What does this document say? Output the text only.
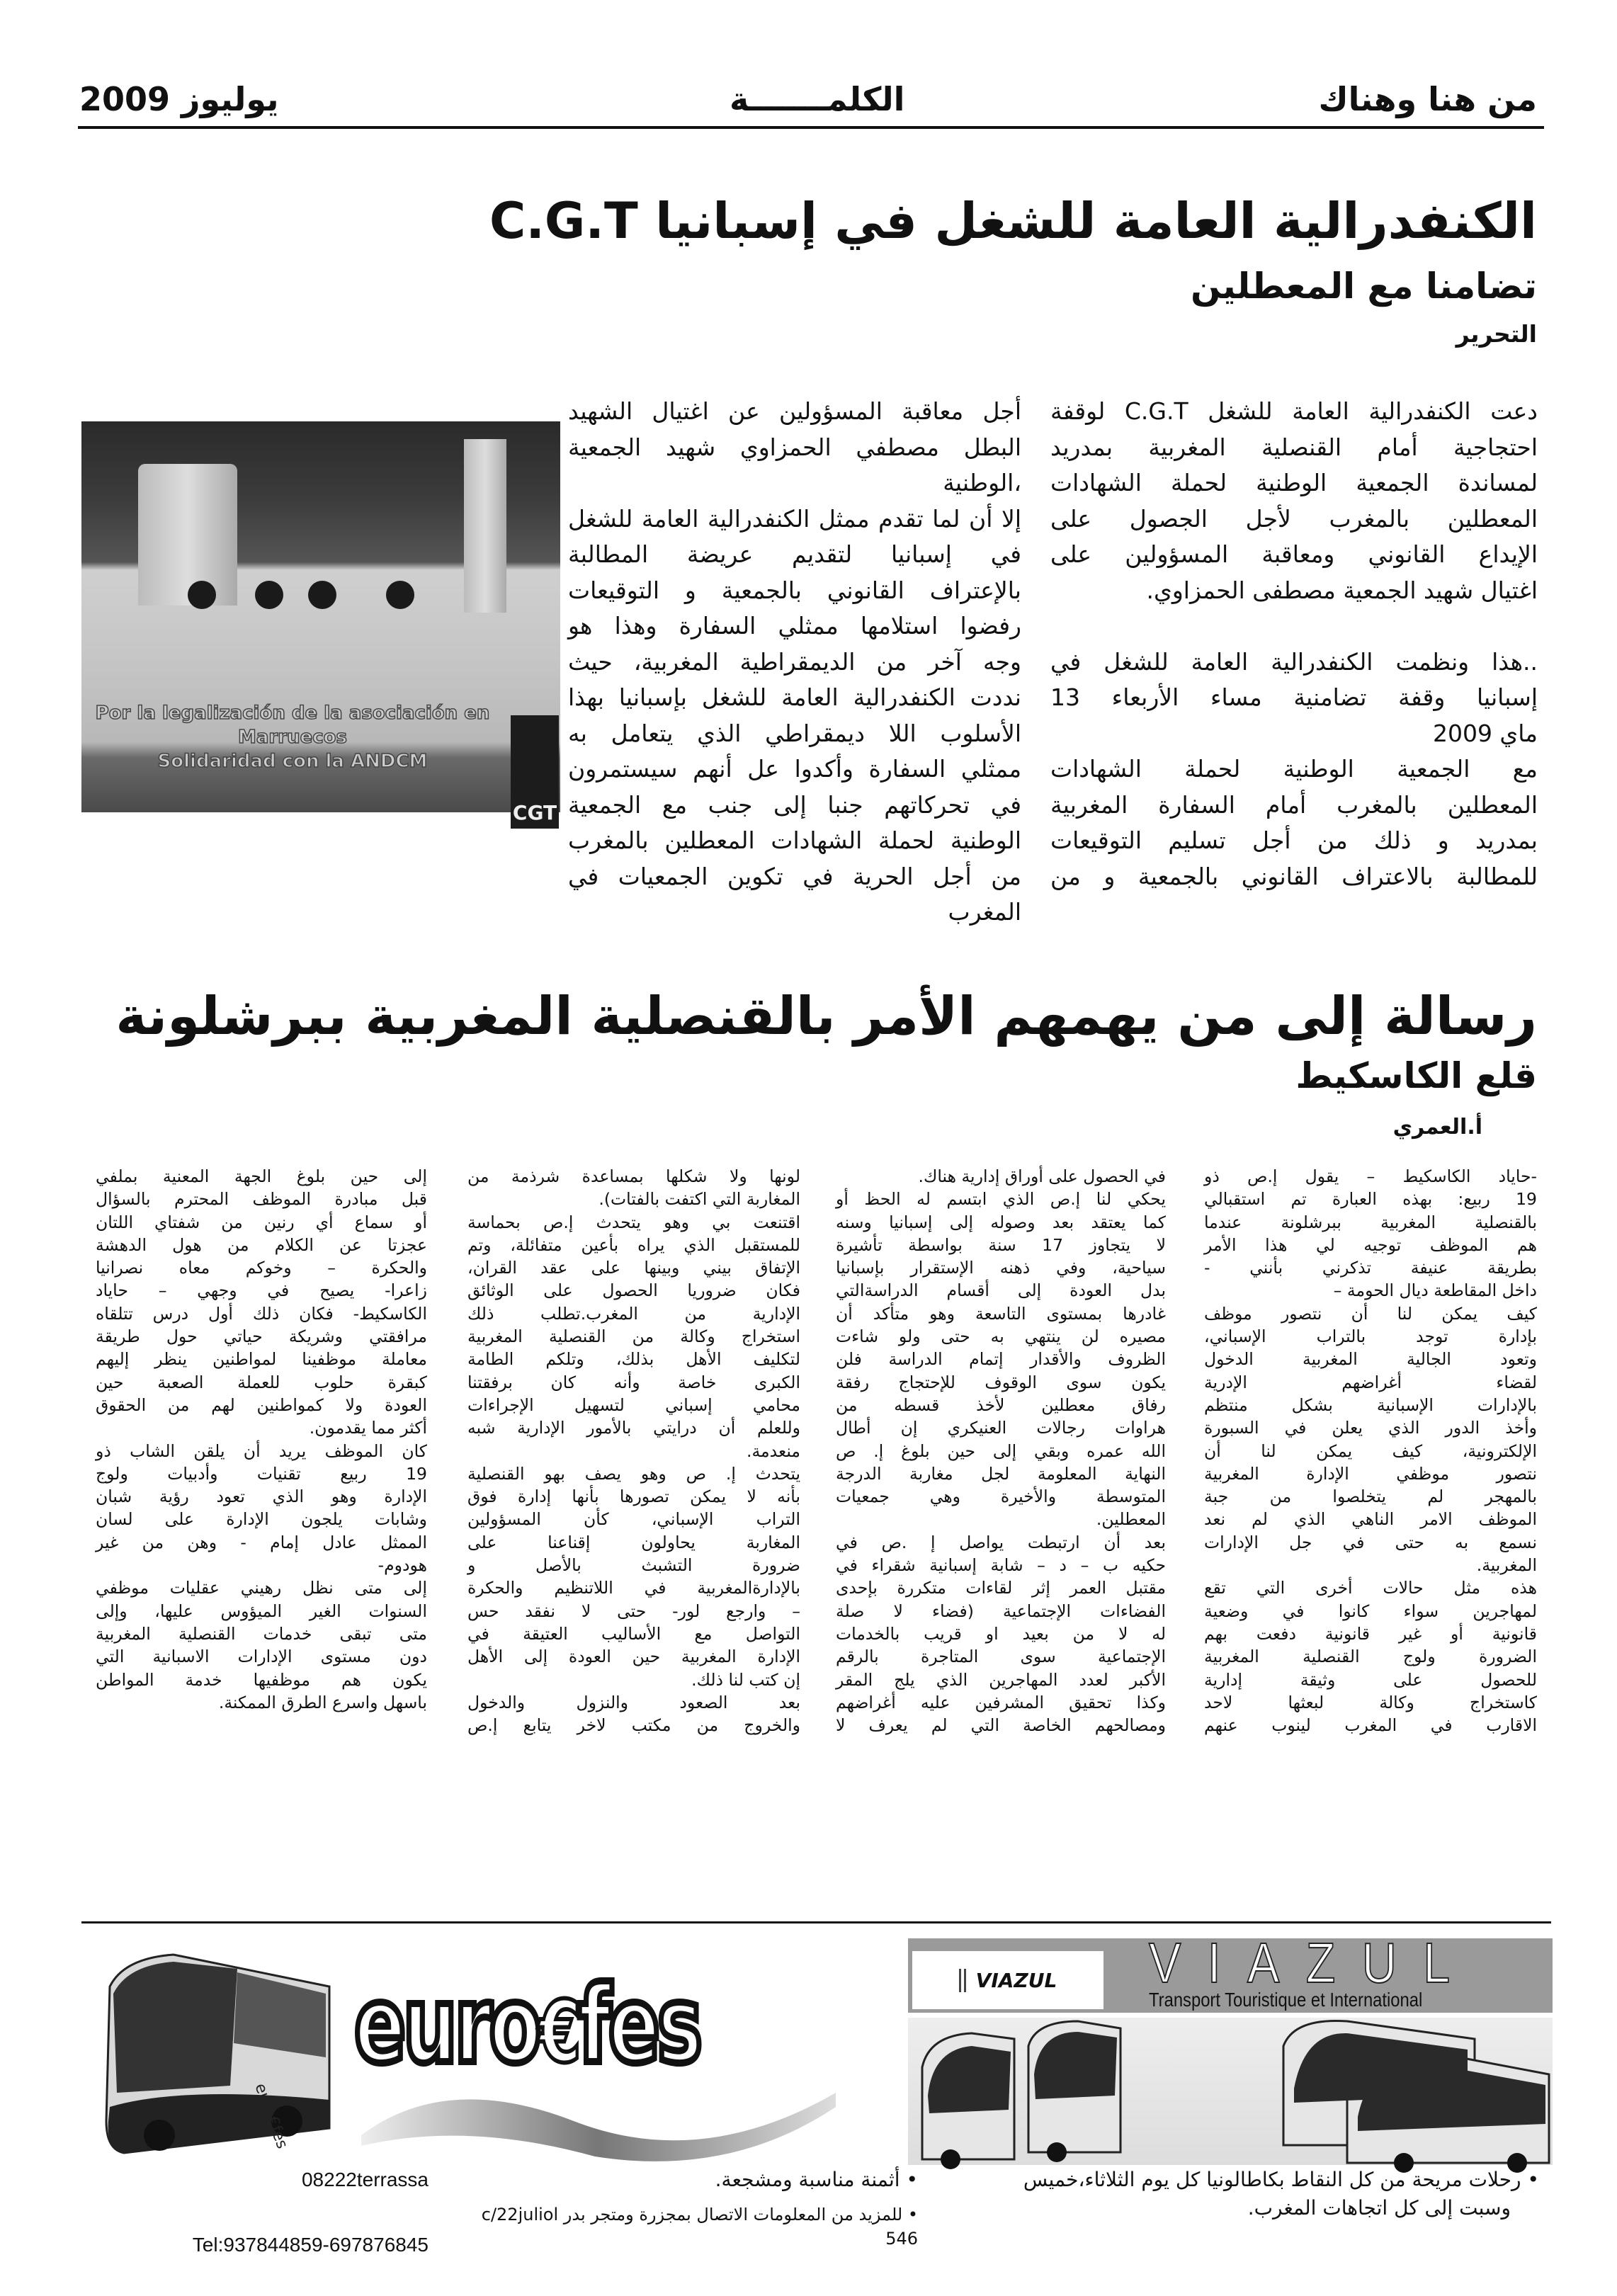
من هنا وهناك
الكلمـــــــة
يوليوز 2009
الكنفدرالية العامة للشغل في إسبانيا C.G.T
تضامنا مع المعطلين
التحرير
دعت الكنفدرالية العامة للشغل C.G.T لوقفة
احتجاجية أمام القنصلية المغربية بمدريد
لمساندة الجمعية الوطنية لحملة الشهادات
المعطلين بالمغرب لأجل الجصول على
الإيداع القانوني ومعاقبة المسؤولين على
اغتيال شهيد الجمعية مصطفى الحمزاوي.

..هذا ونظمت الكنفدرالية العامة للشغل في
إسبانيا وقفة تضامنية مساء الأربعاء 13
ماي 2009
مع الجمعية الوطنية لحملة الشهادات
المعطلين بالمغرب أمام السفارة المغربية
بمدريد و ذلك من أجل تسليم التوقيعات
للمطالبة بالاعتراف القانوني بالجمعية و من
أجل معاقبة المسؤولين عن اغتيال الشهيد
البطل مصطفي الحمزاوي شهيد الجمعية
،الوطنية
إلا أن لما تقدم ممثل الكنفدرالية العامة للشغل
في إسبانيا لتقديم عريضة المطالبة
بالإعتراف القانوني بالجمعية و التوقيعات
رفضوا استلامها ممثلي السفارة وهذا هو
وجه آخر من الديمقراطية المغربية، حيث
نددت الكنفدرالية العامة للشغل بإسبانيا بهذا
الأسلوب اللا ديمقراطي الذي يتعامل به
ممثلي السفارة وأكدوا عل أنهم سيستمرون
في تحركاتهم جنبا إلى جنب مع الجمعية
الوطنية لحملة الشهادات المعطلين بالمغرب
من أجل الحرية في تكوين الجمعيات في
المغرب
Por la legalización de la asociación en Marruecos
Solidaridad con la ANDCM
CGT
رسالة إلى من يهمهم الأمر بالقنصلية المغربية ببرشلونة
قلع الكاسكيط
أ.العمري
-حاياد الكاسكيط – يقول إ.ص ذو
19 ربيع: بهذه العبارة تم استقبالي
بالقنصلية المغربية ببرشلونة عندما
هم الموظف توجيه لي هذا الأمر
بطريقة عنيفة تذكرني بأنني -
داخل المقاطعة ديال الحومة –
كيف يمكن لنا أن نتصور موظف
بإدارة توجد بالتراب الإسباني،
وتعود الجالية المغربية الدخول
لقضاء أغراضهم الإدرية
بالإدارات الإسبانية بشكل منتظم
وأخذ الدور الذي يعلن في السبورة
الإلكترونية، كيف يمكن لنا أن
نتصور موظفي الإدارة المغربية
بالمهجر لم يتخلصوا من جبة
الموظف الامر الناهي الذي لم نعد
نسمع به حتى في جل الإدارات
المغربية.
هذه مثل حالات أخرى التي تقع
لمهاجرين سواء كانوا في وضعية
قانونية أو غير قانونية دفعت بهم
الضرورة ولوج القنصلية المغربية
للحصول على وثيقة إدارية
كاستخراج وكالة لبعثها لاحد
الاقارب في المغرب لينوب عنهم
في الحصول على أوراق إدارية هناك.
يحكي لنا إ.ص الذي ابتسم له الحظ أو
كما يعتقد بعد وصوله إلى إسبانيا وسنه
لا يتجاوز 17 سنة بواسطة تأشيرة
سياحية، وفي ذهنه الإستقرار بإسبانيا
بدل العودة إلى أقسام الدراسةالتي
غادرها بمستوى التاسعة وهو متأكد أن
مصيره لن ينتهي به حتى ولو شاءت
الظروف والأقدار إتمام الدراسة فلن
يكون سوى الوقوف للإحتجاج رفقة
رفاق معطلين لأخذ قسطه من
هراوات رجالات العنيكري إن أطال
الله عمره وبقي إلى حين بلوغ إ. ص
النهاية المعلومة لجل مغاربة الدرجة
المتوسطة والأخيرة وهي جمعيات
المعطلين.
بعد أن ارتبطت يواصل إ .ص في
حكيه ب – د – شابة إسبانية شقراء في
مقتبل العمر إثر لقاءات متكررة بإحدى
الفضاءات الإجتماعية (فضاء لا صلة
له لا من بعيد او قريب بالخدمات
الإجتماعية سوى المتاجرة بالرقم
الأكبر لعدد المهاجرين الذي يلج المقر
وكذا تحقيق المشرفين عليه أغراضهم
ومصالحهم الخاصة التي لم يعرف لا
لونها ولا شكلها بمساعدة شرذمة من
المغاربة التي اكتفت بالفتات).
اقتنعت بي وهو يتحدث إ.ص بحماسة
للمستقبل الذي يراه بأعين متفائلة، وتم
الإتفاق بيني وبينها على عقد القران،
فكان ضروريا الحصول على الوثائق
الإدارية من المغرب.تطلب ذلك
استخراج وكالة من القنصلية المغربية
لتكليف الأهل بذلك، وتلكم الطامة
الكبرى خاصة وأنه كان برفقتنا
محامي إسباني لتسهيل الإجراءات
وللعلم أن درايتي بالأمور الإدارية شبه
منعدمة.
يتحدث إ. ص وهو يصف بهو القنصلية
بأنه لا يمكن تصورها بأنها إدارة فوق
التراب الإسباني، كأن المسؤولين
المغاربة يحاولون إقناعنا على
ضرورة التشبث بالأصل و
بالإدارةالمغربية في اللاتنظيم والحكرة
– وارجع لور- حتى لا نفقد حس
التواصل مع الأساليب العتيقة في
الإدارة المغربية حين العودة إلى الأهل
إن كتب لنا ذلك.
بعد الصعود والنزول والدخول
والخروج من مكتب لاخر يتابع إ.ص
إلى حين بلوغ الجهة المعنية بملفي
قبل مبادرة الموظف المحترم بالسؤال
أو سماع أي رنين من شفتاي اللتان
عجزتا عن الكلام من هول الدهشة
والحكرة – وخوكم معاه نصرانيا
زاعرا- يصيح في وجهي – حاياد
الكاسكيط- فكان ذلك أول درس تتلقاه
مرافقتي وشريكة حياتي حول طريقة
معاملة موظفينا لمواطنين ينظر إليهم
كبقرة حلوب للعملة الصعبة حين
العودة ولا كمواطنين لهم من الحقوق
أكثر مما يقدمون.
كان الموظف يريد أن يلقن الشاب ذو
19 ربيع تقنيات وأدبيات ولوج
الإدارة وهو الذي تعود رؤية شبان
وشابات يلجون الإدارة على لسان
الممثل عادل إمام - وهن من غير
هودوم-
إلى متى نظل رهيني عقليات موظفي
السنوات الغير الميؤوس عليها، وإلى
متى تبقى خدمات القنصلية المغربية
دون مستوى الإدارات الاسبانية التي
يكون هم موظفيها خدمة المواطن
باسهل واسرع الطرق الممكنة.
euro€fes
euro€fes
• أثمنة مناسبة ومشجعة.
• للمزيد من المعلومات الاتصال بمجزرة ومتجر بدر c/22juliol 546
08222terrassa
Tel:937844859-697876845
VIAZUL VIAZUL
Transport Touristique et International
• رحلات مريحة من كل النقاط بكاطالونيا كل يوم الثلاثاء،خميس
وسبت إلى كل اتجاهات المغرب.
